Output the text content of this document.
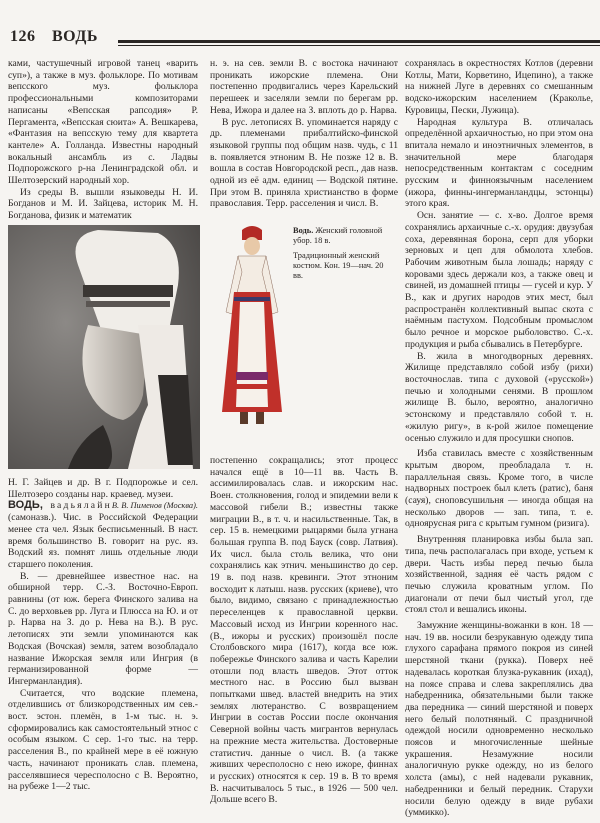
126 ВОДЬ

ками, частушечный игровой танец «варить суп»), а также в муз. фольклоре. По мотивам вепсского муз. фольклора профессиональными композиторами написаны «Вепсская рапсодия» Р. Пергамента, «Вепсская сюита» А. Вешкарева, «Фантазия на вепсскую тему для квартета кантеле» А. Голланда. Известны народный вокальный ансамбль из с. Ладвы Подпорожского р-на Ленинградской обл. и Шелтозерский народный хор.

Из среды В. вышли языковеды Н. И. Богданов и М. И. Зайцева, историк М. Н. Богданова, физик и математик

Н. Г. Зайцев и др. В г. Подпорожье и сел. Шелтозеро созданы нар. краевед. музеи.
В. В. Пименов (Москва).

ВОДЬ, вадьялайн (самоназв.). Чис. в Российской Федерации менее ста чел. Язык бесписьменный. В наст. время большинство В. говорит на рус. яз. Водский яз. помнят лишь отдельные люди старшего поколения.

В. — древнейшее известное нас. на обширной терр. С.-З. Восточно-Европ. равнины (от юж. берега Финского залива на С. до верховьев рр. Луга и Плюсса на Ю. и от р. Нарва на З. до р. Нева на В.). В рус. летописях эти земли упоминаются как Водская (Вочская) земля, затем возобладало название Ижорская земля или Ингрия (в германизированной форме — Ингерманландия).

Считается, что водские племена, отделившись от близкородственных им сев.-вост. эстон. племён, в 1-м тыс. н. э. сформировались как самостоятельный этнос с особым языком. С сер. 1-го тыс. на терр. расселения В., по крайней мере в её южную часть, начинают проникать слав. племена, расселявшиеся чересполосно с В. Вероятно, на рубеже 1—2 тыс.

н. э. на сев. земли В. с востока начинают проникать ижорские племена. Они постепенно продвигались через Карельский перешеек и заселяли земли по берегам рр. Нева, Ижора и далее на З. вплоть до р. Нарва.

В рус. летописях В. упоминается наряду с др. племенами прибалтийско-финской языковой группы под общим назв. чудь, с 11 в. появляется этноним В. Не позже 12 в. В. вошла в состав Новгородской респ., дав назв. одной из её адм. единиц — Водской пятине. При этом В. приняла христианство в форме православия. Терр. расселения и числ. В.

Водь. Женский головной убор. 18 в.

Традиционный женский костюм. Кон. 19—нач. 20 вв.

постепенно сокращались; этот процесс начался ещё в 10—11 вв. Часть В. ассимилировалась слав. и ижорским нас. Воен. столкновения, голод и эпидемии вели к массовой гибели В.; известны также миграции В., в т. ч. и насильственные. Так, в сер. 15 в. немецкими рыцарями была угнана большая группа В. под Бауск (совр. Латвия). Их числ. была столь велика, что они сохранялись как этнич. меньшинство до сер. 19 в. под назв. кревинги. Этот этноним восходит к латыш. назв. русских (криеве), что было, видимо, связано с принадлежностью переселенцев к православной церкви. Массовый исход из Ингрии коренного нас. (В., ижоры и русских) произошёл после Столбовского мира (1617), когда все юж. побережье Финского залива и часть Карелии отошли под власть шведов. Этот отток местного нас. в Россию был вызван попытками швед. властей внедрить на этих землях лютеранство. С возвращением Ингрии в состав России после окончания Северной войны часть мигрантов вернулась на прежние места жительства. Достоверные статистич. данные о числ. В. (а также живших чересполосно с нею ижоре, финнах и русских) относятся к сер. 19 в. В то время В. насчитывалось 5 тыс., в 1926 — 500 чел. Дольше всего В.

сохранялась в окрестностях Котлов (деревни Котлы, Мати, Корветино, Ицепино), а также на нижней Луге в деревнях со смешанным водско-ижорским населением (Краколье, Куровицы, Пески, Лужица).

Народная культура В. отличалась определённой архаичностью, но при этом она впитала немало и иноэтничных элементов, в значительной мере благодаря непосредственным контактам с соседним русским и финноязычным населением (ижора, финны-ингерманландцы, эстонцы) этого края.

Осн. занятие — с. х-во. Долгое время сохранялись архаичные с.-х. орудия: двузубая соха, деревянная борона, серп для уборки зерновых и цеп для обмолота хлебов. Рабочим животным была лошадь; наряду с коровами здесь держали коз, а также овец и свиней, из домашней птицы — гусей и кур. У В., как и других народов этих мест, был распространён коллективный выпас скота с наёмным пастухом. Подсобным промыслом было речное и морское рыболовство. С.-х. продукция и рыба сбывались в Петербурге.

В. жила в многодворных деревнях. Жилище представляло собой избу (рихи) восточнослав. типа с духовой («русской») печью и холодными сенями. В прошлом жилище В. было, вероятно, аналогично эстонскому и представляло собой т. н. «жилую ригу», в к-рой жилое помещение осенью служило и для просушки снопов.

Изба ставилась вместе с хозяйственным крытым двором, преобладала т. н. параллельная связь. Кроме того, в числе надворных построек был клеть (ратис), баня (сауя), сноповсушильня — иногда общая на несколько дворов — зап. типа, т. е. одноярусная рига с крытым гумном (ризига).

Внутренняя планировка избы была зап. типа, печь располагалась при входе, устьем к двери. Часть избы перед печью была хозяйственной, задняя её часть рядом с печью служила кроватным углом. По диагонали от печи был чистый угол, где стоял стол и вешались иконы.

Замужние женщины-вожанки в кон. 18 — нач. 19 вв. носили безрукавную одежду типа глухого сарафана прямого покроя из синей шерстяной ткани (рукка). Поверх неё надевалась короткая блузка-рукавник (ихад), на поясе справа и слева закреплялись два набедренника, обязательными были также два передника — синий шерстяной и поверх него белый полотняный. С праздничной одеждой носили одновременно несколько поясов и многочисленные шейные украшения. Незамужние носили аналогичную рукке одежду, но из белого холста (амы), с ней надевали рукавник, набедренники и белый передник. Старухи носили белую одежду в виде рубахи (уммикко).
